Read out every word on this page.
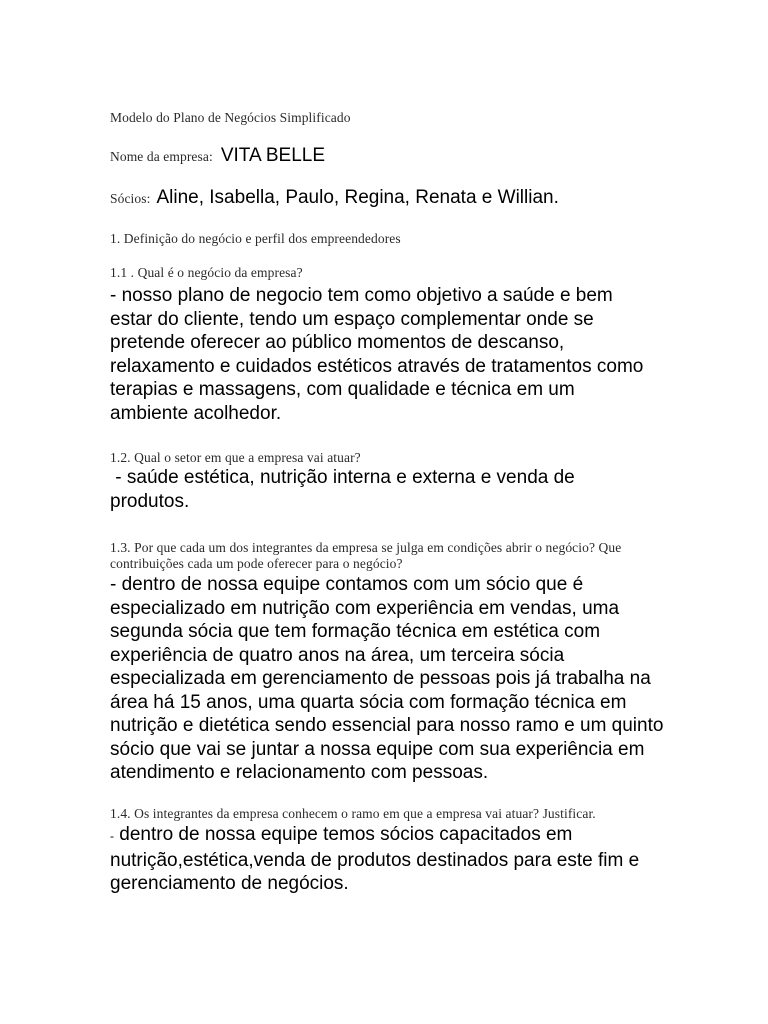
Modelo do Plano de Negócios Simplificado

Nome da empresa: VITA BELLE

Sócios: Aline, Isabella, Paulo, Regina, Renata e Willian.

1. Definição do negócio e perfil dos empreendedores

1.1 . Qual é o negócio da empresa?

- nosso plano de negocio tem como objetivo a saúde e bem estar do cliente, tendo um espaço complementar onde se pretende oferecer ao público momentos de descanso, relaxamento e cuidados estéticos através de tratamentos como terapias e massagens, com qualidade e técnica em um ambiente acolhedor.

1.2. Qual o setor em que a empresa vai atuar?

- saúde estética, nutrição interna e externa e venda de produtos.

1.3. Por que cada um dos integrantes da empresa se julga em condições abrir o negócio? Que contribuições cada um pode oferecer para o negócio?

- dentro de nossa equipe contamos com um sócio que é especializado em nutrição com experiência em vendas, uma segunda sócia que tem formação técnica em estética com experiência de quatro anos na área, um terceira sócia especializada em gerenciamento de pessoas pois já trabalha na área há 15 anos, uma quarta sócia com formação técnica em nutrição e dietética sendo essencial para nosso ramo e um quinto sócio que vai se juntar a nossa equipe com sua experiência em atendimento e relacionamento com pessoas.

1.4. Os integrantes da empresa conhecem o ramo em que a empresa vai atuar? Justificar.

- dentro de nossa equipe temos sócios capacitados em nutrição,estética,venda de produtos destinados para este fim e gerenciamento de negócios.
